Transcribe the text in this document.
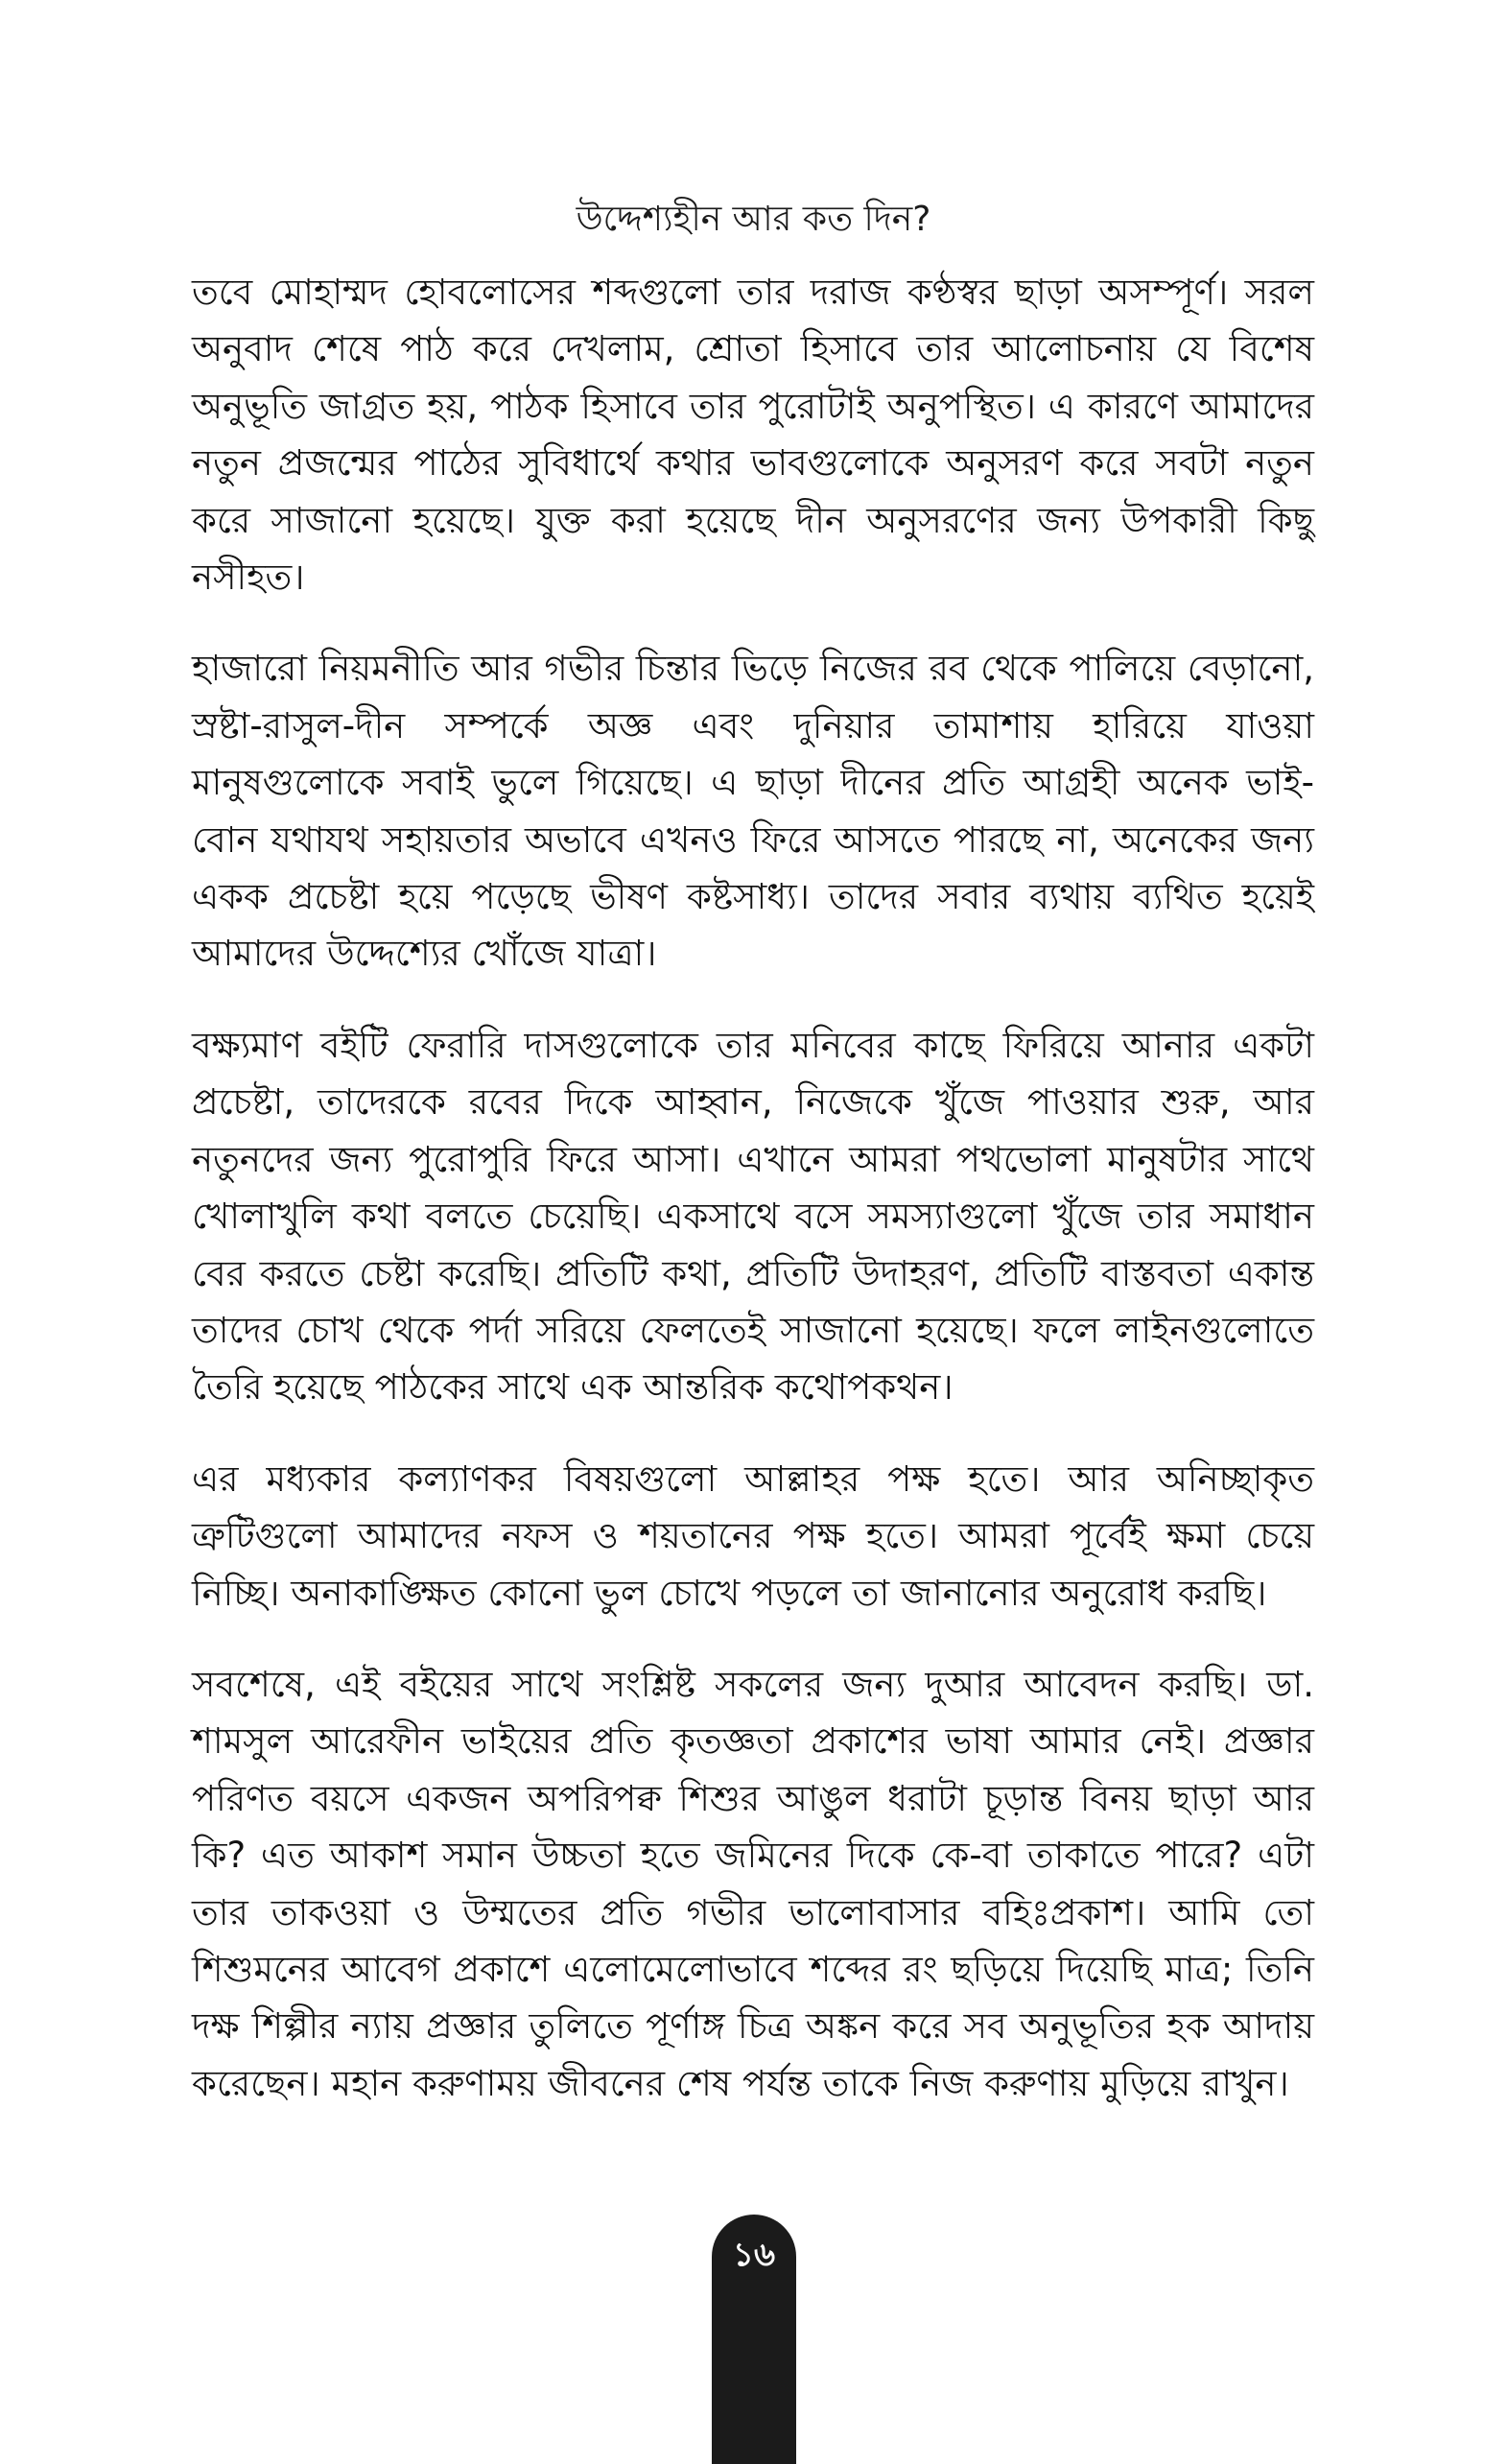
উদ্দেশ্যহীন আর কত দিন?

তবে মোহাম্মদ হোবলোসের শব্দগুলো তার দরাজ কণ্ঠস্বর ছাড়া অসম্পূর্ণ। সরল অনুবাদ শেষে পাঠ করে দেখলাম, শ্রোতা হিসাবে তার আলোচনায় যে বিশেষ অনুভূতি জাগ্রত হয়, পাঠক হিসাবে তার পুরোটাই অনুপস্থিত। এ কারণে আমাদের নতুন প্রজন্মের পাঠের সুবিধার্থে কথার ভাবগুলোকে অনুসরণ করে সবটা নতুন করে সাজানো হয়েছে। যুক্ত করা হয়েছে দীন অনুসরণের জন্য উপকারী কিছু নসীহত।

হাজারো নিয়মনীতি আর গভীর চিন্তার ভিড়ে নিজের রব থেকে পালিয়ে বেড়ানো, স্রষ্টা-রাসুল-দীন সম্পর্কে অজ্ঞ এবং দুনিয়ার তামাশায় হারিয়ে যাওয়া মানুষগুলোকে সবাই ভুলে গিয়েছে। এ ছাড়া দীনের প্রতি আগ্রহী অনেক ভাই-বোন যথাযথ সহায়তার অভাবে এখনও ফিরে আসতে পারছে না, অনেকের জন্য একক প্রচেষ্টা হয়ে পড়েছে ভীষণ কষ্টসাধ্য। তাদের সবার ব্যথায় ব্যথিত হয়েই আমাদের উদ্দেশ্যের খোঁজে যাত্রা।

বক্ষ্যমাণ বইটি ফেরারি দাসগুলোকে তার মনিবের কাছে ফিরিয়ে আনার একটা প্রচেষ্টা, তাদেরকে রবের দিকে আহ্বান, নিজেকে খুঁজে পাওয়ার শুরু, আর নতুনদের জন্য পুরোপুরি ফিরে আসা। এখানে আমরা পথভোলা মানুষটার সাথে খোলাখুলি কথা বলতে চেয়েছি। একসাথে বসে সমস্যাগুলো খুঁজে তার সমাধান বের করতে চেষ্টা করেছি। প্রতিটি কথা, প্রতিটি উদাহরণ, প্রতিটি বাস্তবতা একান্ত তাদের চোখ থেকে পর্দা সরিয়ে ফেলতেই সাজানো হয়েছে। ফলে লাইনগুলোতে তৈরি হয়েছে পাঠকের সাথে এক আন্তরিক কথোপকথন।

এর মধ্যকার কল্যাণকর বিষয়গুলো আল্লাহর পক্ষ হতে। আর অনিচ্ছাকৃত ত্রুটিগুলো আমাদের নফস ও শয়তানের পক্ষ হতে। আমরা পূর্বেই ক্ষমা চেয়ে নিচ্ছি। অনাকাঙ্ক্ষিত কোনো ভুল চোখে পড়লে তা জানানোর অনুরোধ করছি।

সবশেষে, এই বইয়ের সাথে সংশ্লিষ্ট সকলের জন্য দুআর আবেদন করছি। ডা. শামসুল আরেফীন ভাইয়ের প্রতি কৃতজ্ঞতা প্রকাশের ভাষা আমার নেই। প্রজ্ঞার পরিণত বয়সে একজন অপরিপক্ব শিশুর আঙুল ধরাটা চূড়ান্ত বিনয় ছাড়া আর কি? এত আকাশ সমান উচ্চতা হতে জমিনের দিকে কে-বা তাকাতে পারে? এটা তার তাকওয়া ও উম্মতের প্রতি গভীর ভালোবাসার বহিঃপ্রকাশ। আমি তো শিশুমনের আবেগ প্রকাশে এলোমেলোভাবে শব্দের রং ছড়িয়ে দিয়েছি মাত্র; তিনি দক্ষ শিল্পীর ন্যায় প্রজ্ঞার তুলিতে পূর্ণাঙ্গ চিত্র অঙ্কন করে সব অনুভূতির হক আদায় করেছেন। মহান করুণাময় জীবনের শেষ পর্যন্ত তাকে নিজ করুণায় মুড়িয়ে রাখুন।

১৬
